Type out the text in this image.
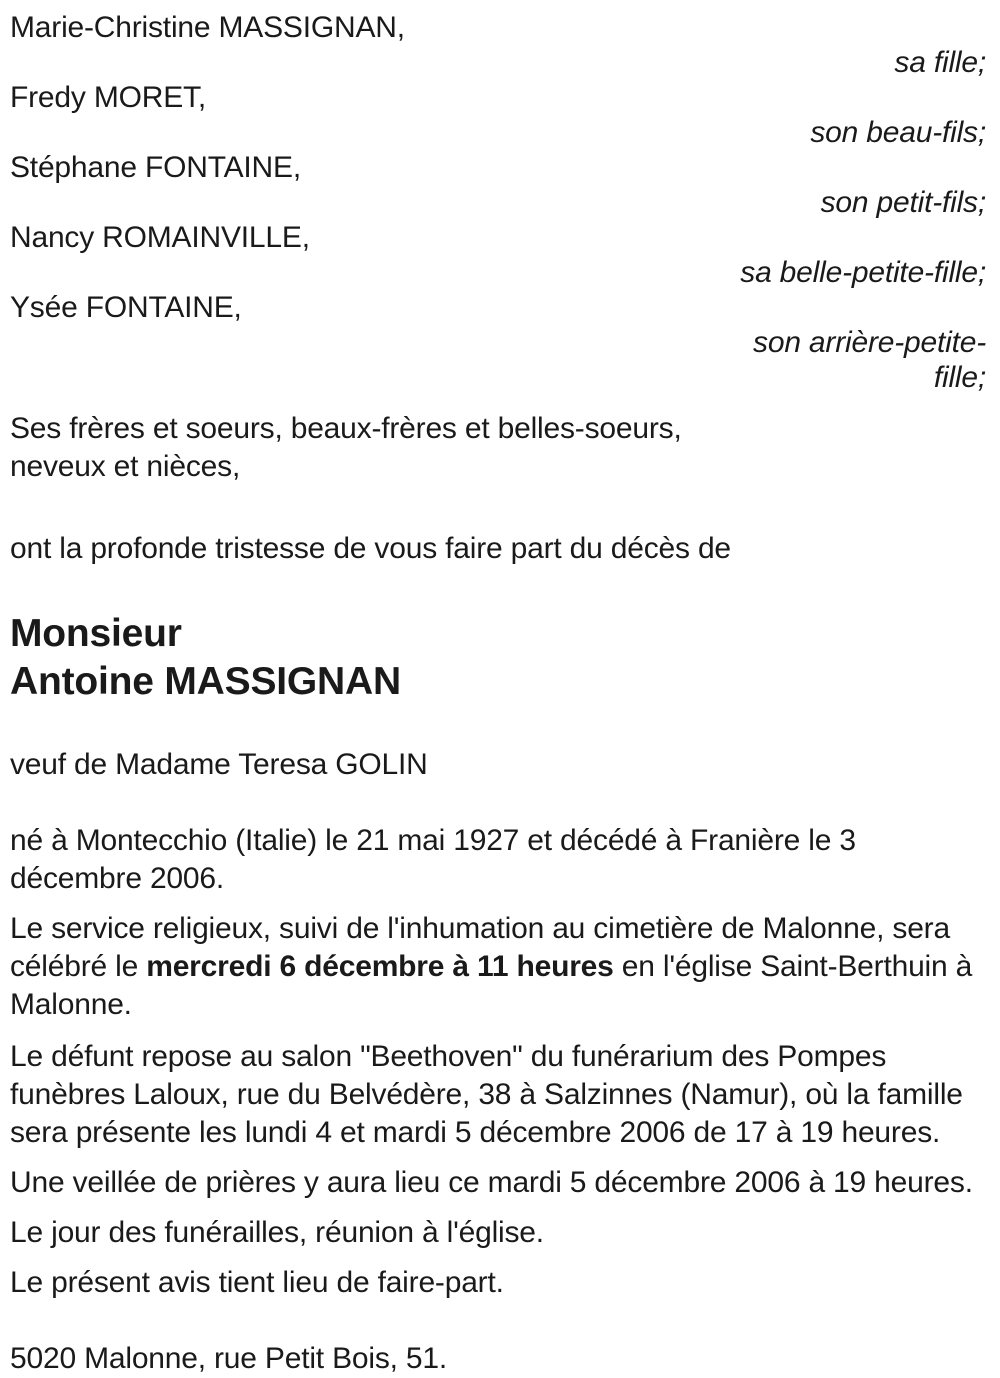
Marie-Christine MASSIGNAN,
sa fille;
Fredy MORET,
son beau-fils;
Stéphane FONTAINE,
son petit-fils;
Nancy ROMAINVILLE,
sa belle-petite-fille;
Ysée FONTAINE,
son arrière-petite-fille;
Ses frères et soeurs, beaux-frères et belles-soeurs,
neveux et nièces,

ont la profonde tristesse de vous faire part du décès de

Monsieur
Antoine MASSIGNAN

veuf de Madame Teresa GOLIN

né à Montecchio (Italie) le 21 mai 1927 et décédé à Franière le 3 décembre 2006.

Le service religieux, suivi de l'inhumation au cimetière de Malonne, sera célébré le mercredi 6 décembre à 11 heures en l'église Saint-Berthuin à Malonne.

Le défunt repose au salon "Beethoven" du funérarium des Pompes funèbres Laloux, rue du Belvédère, 38 à Salzinnes (Namur), où la famille sera présente les lundi 4 et mardi 5 décembre 2006 de 17 à 19 heures.

Une veillée de prières y aura lieu ce mardi 5 décembre 2006 à 19 heures.

Le jour des funérailles, réunion à l'église.

Le présent avis tient lieu de faire-part.

5020 Malonne, rue Petit Bois, 51.
